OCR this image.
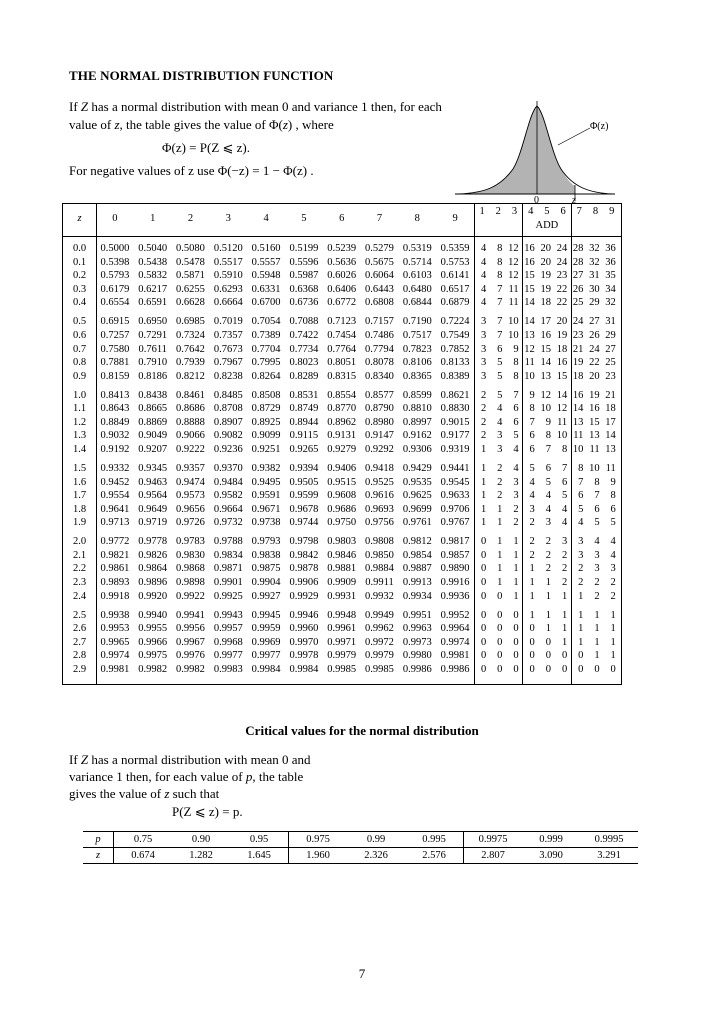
THE NORMAL DISTRIBUTION FUNCTION
If Z has a normal distribution with mean 0 and variance 1 then, for each
value of z, the table gives the value of Φ(z) , where
Φ(z) = P(Z ⩽ z).
For negative values of z use Φ(−z) = 1 − Φ(z) .
Φ(z)
0	z
z	0	1	2	3	4	5	6	7	8	9
1	2	3	4	5	6	7	8	9
ADD
0.0	0.5000 0.5040 0.5080 0.5120 0.5160 0.5199 0.5239 0.5279 0.5319 0.5359	4	8 12 16 20 24 28 32 36
0.1	0.5398 0.5438 0.5478 0.5517 0.5557 0.5596 0.5636 0.5675 0.5714 0.5753	4	8 12 16 20 24 28 32 36
0.2	0.5793 0.5832 0.5871 0.5910 0.5948 0.5987 0.6026 0.6064 0.6103 0.6141	4	8 12 15 19 23 27 31 35
0.3	0.6179 0.6217 0.6255 0.6293 0.6331 0.6368 0.6406 0.6443 0.6480 0.6517	4	7 11 15 19 22 26 30 34
0.4	0.6554 0.6591 0.6628 0.6664 0.6700 0.6736 0.6772 0.6808 0.6844 0.6879	4	7 11 14 18 22 25 29 32
0.5	0.6915 0.6950 0.6985 0.7019 0.7054 0.7088 0.7123 0.7157 0.7190 0.7224	3	7 10 14 17 20 24 27 31
0.6	0.7257 0.7291 0.7324 0.7357 0.7389 0.7422 0.7454 0.7486 0.7517 0.7549	3	7 10 13 16 19 23 26 29
0.7	0.7580 0.7611 0.7642 0.7673 0.7704 0.7734 0.7764 0.7794 0.7823 0.7852	3	6	9 12 15 18 21 24 27
0.8	0.7881 0.7910 0.7939 0.7967 0.7995 0.8023 0.8051 0.8078 0.8106 0.8133	3	5	8 11 14 16 19 22 25
0.9	0.8159 0.8186 0.8212 0.8238 0.8264 0.8289 0.8315 0.8340 0.8365 0.8389	3	5	8 10 13 15 18 20 23
1.0	0.8413 0.8438 0.8461 0.8485 0.8508 0.8531 0.8554 0.8577 0.8599 0.8621	2	5	7	9 12 14 16 19 21
1.1	0.8643 0.8665 0.8686 0.8708 0.8729 0.8749 0.8770 0.8790 0.8810 0.8830	2	4	6	8 10 12 14 16 18
1.2	0.8849 0.8869 0.8888 0.8907 0.8925 0.8944 0.8962 0.8980 0.8997 0.9015	2	4	6	7	9 11 13 15 17
1.3	0.9032 0.9049 0.9066 0.9082 0.9099 0.9115 0.9131 0.9147 0.9162 0.9177	2	3	5	6	8 10 11 13 14
1.4	0.9192 0.9207 0.9222 0.9236 0.9251 0.9265 0.9279 0.9292 0.9306 0.9319	1	3	4	6	7	8 10 11 13
1.5	0.9332 0.9345 0.9357 0.9370 0.9382 0.9394 0.9406 0.9418 0.9429 0.9441	1	2	4	5	6	7	8 10 11
1.6	0.9452 0.9463 0.9474 0.9484 0.9495 0.9505 0.9515 0.9525 0.9535 0.9545	1	2	3	4	5	6	7	8	9
1.7	0.9554 0.9564 0.9573 0.9582 0.9591 0.9599 0.9608 0.9616 0.9625 0.9633	1	2	3	4	4	5	6	7	8
1.8	0.9641 0.9649 0.9656 0.9664 0.9671 0.9678 0.9686 0.9693 0.9699 0.9706	1	1	2	3	4	4	5	6	6
1.9	0.9713 0.9719 0.9726 0.9732 0.9738 0.9744 0.9750 0.9756 0.9761 0.9767	1	1	2	2	3	4	4	5	5
2.0	0.9772 0.9778 0.9783 0.9788 0.9793 0.9798 0.9803 0.9808 0.9812 0.9817	0	1	1	2	2	3	3	4	4
2.1	0.9821 0.9826 0.9830 0.9834 0.9838 0.9842 0.9846 0.9850 0.9854 0.9857	0	1	1	2	2	2	3	3	4
2.2	0.9861 0.9864 0.9868 0.9871 0.9875 0.9878 0.9881 0.9884 0.9887 0.9890	0	1	1	1	2	2	2	3	3
2.3	0.9893 0.9896 0.9898 0.9901 0.9904 0.9906 0.9909 0.9911 0.9913 0.9916	0	1	1	1	1	2	2	2	2
2.4	0.9918 0.9920 0.9922 0.9925 0.9927 0.9929 0.9931 0.9932 0.9934 0.9936	0	0	1	1	1	1	1	2	2
2.5	0.9938 0.9940 0.9941 0.9943 0.9945 0.9946 0.9948 0.9949 0.9951 0.9952	0	0	0	1	1	1	1	1	1
2.6	0.9953 0.9955 0.9956 0.9957 0.9959 0.9960 0.9961 0.9962 0.9963 0.9964	0	0	0	0	1	1	1	1	1
2.7	0.9965 0.9966 0.9967 0.9968 0.9969 0.9970 0.9971 0.9972 0.9973 0.9974	0	0	0	0	0	1	1	1	1
2.8	0.9974 0.9975 0.9976 0.9977 0.9977 0.9978 0.9979 0.9979 0.9980 0.9981	0	0	0	0	0	0	0	1	1
2.9	0.9981 0.9982 0.9982 0.9983 0.9984 0.9984 0.9985 0.9985 0.9986 0.9986	0	0	0	0	0	0	0	0	0
Critical values for the normal distribution
If Z has a normal distribution with mean 0 and
variance 1 then, for each value of p, the table
gives the value of z such that
P(Z ⩽ z) = p.
p	0.75	0.90	0.95	0.975	0.99	0.995	0.9975	0.999	0.9995
z	0.674	1.282	1.645	1.960	2.326	2.576	2.807	3.090	3.291
7
